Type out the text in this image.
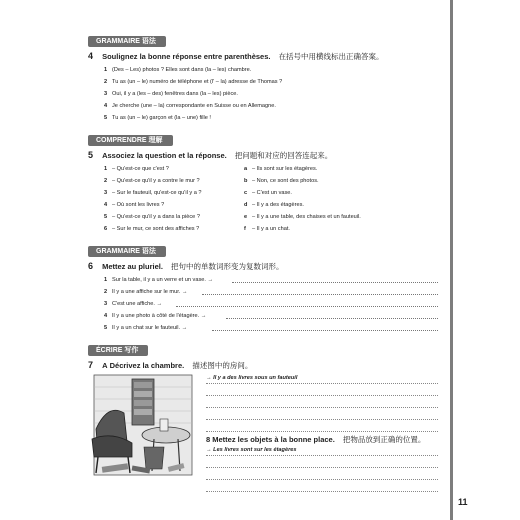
GRAMMAIRE 语法
4 Soulignez la bonne réponse entre parenthèses. 在括号中用横线标出正确答案。
1 (Des – Les) photos ? Elles sont dans (la – les) chambre.
2 Tu as (un – le) numéro de téléphone et (l' – la) adresse de Thomas ?
3 Oui, il y a (les – des) fenêtres dans (la – les) pièce.
4 Je cherche (une – la) correspondante en Suisse ou en Allemagne.
5 Tu as (un – le) garçon et (la – une) fille !
COMPRENDRE 理解
5 Associez la question et la réponse. 把问题和对应的回答连起来。
1 – Qu'est-ce que c'est ?	a – Ils sont sur les étagères.
2 – Qu'est-ce qu'il y a contre le mur ?	b – Non, ce sont des photos.
3 – Sur le fauteuil, qu'est-ce qu'il y a ?	c – C'est un vase.
4 – Où sont les livres ?	d – Il y a des étagères.
5 – Qu'est-ce qu'il y a dans la pièce ?	e – Il y a une table, des chaises et un fauteuil.
6 – Sur le mur, ce sont des affiches ?	f – Il y a un chat.
GRAMMAIRE 语法
6 Mettez au pluriel. 把句中的单数词形变为复数词形。
1 Sur la table, il y a un verre et un vase. →
2 Il y a une affiche sur le mur. →
3 C'est une affiche. →
4 Il y a une photo à côté de l'étagère. →
5 Il y a un chat sur le fauteuil. →
ÉCRIRE 写作
7 A Décrivez la chambre. 描述图中的房间。
→ Il y a des livres sous un fauteuil
8 Mettez les objets à la bonne place. 把物品放到正确的位置。
→ Les livres sont sur les étagères
11
